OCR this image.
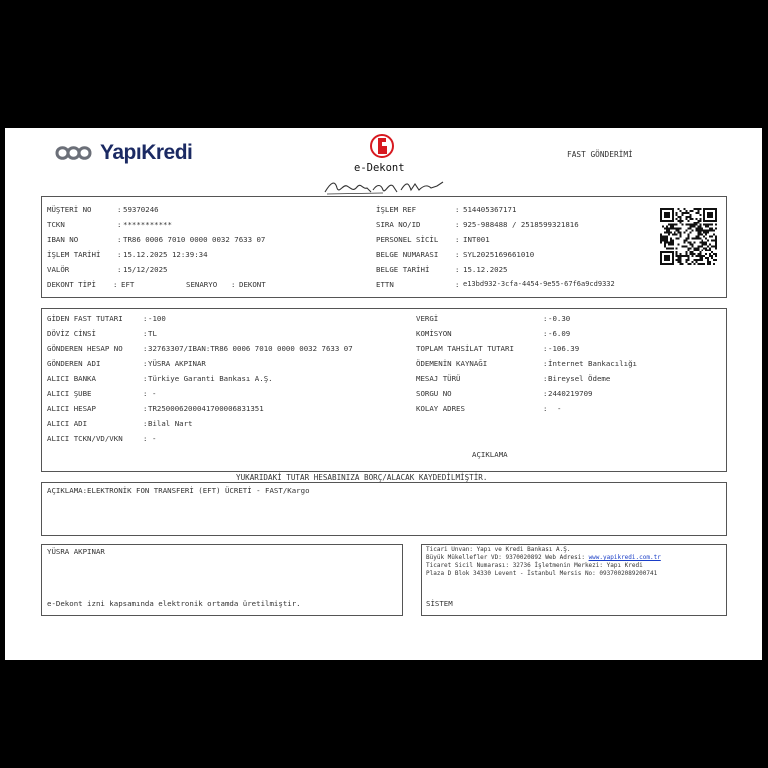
YapıKredi
e-Dekont
FAST GÖNDERİMİ
MÜŞTERİ NO	: 59370246
TCKN	: ***********
IBAN NO	: TR86 0006 7010 0000 0032 7633 07
İŞLEM TARİHİ : 15.12.2025 12:39:34
VALÖR	: 15/12/2025
DEKONT TİPİ : EFT	SENARYO : DEKONT
İŞLEM REF	: 514405367171
SIRA NO/ID	: 925-988488 / 2518599321816
PERSONEL SİCİL : INT001
BELGE NUMARASI : SYL2025169661010
BELGE TARİHİ	: 15.12.2025
ETTN	: e13bd932-3cfa-4454-9e55-67f6a9cd9332
GİDEN FAST TUTARI	: -100
DÖVİZ CİNSİ	: TL
GÖNDEREN HESAP NO	: 32763307/IBAN:TR86 0006 7010 0000 0032 7633 07
GÖNDEREN ADI	: YÜSRA AKPINAR
ALICI BANKA	: Türkiye Garanti Bankası A.Ş.
ALICI ŞUBE	: -
ALICI HESAP	: TR250006200041700006831351
ALICI ADI	: Bilal Nart
ALICI TCKN/VD/VKN	: -
VERGİ	: -0.30
KOMİSYON	: -6.09
TOPLAM TAHSİLAT TUTARI	: -106.39
ÖDEMENİN KAYNAĞI	: İnternet Bankacılığı
MESAJ TÜRÜ	: Bireysel Ödeme
SORGU NO	: 2440219709
KOLAY ADRES	: -
AÇIKLAMA
YUKARIDAKİ TUTAR HESABINIZA BORÇ/ALACAK KAYDEDİLMİŞTİR.
AÇIKLAMA:ELEKTRONİK FON TRANSFERİ (EFT) ÜCRETİ - FAST/Kargo
YÜSRA AKPINAR
e-Dekont izni kapsamında elektronik ortamda üretilmiştir.
Ticari Unvan: Yapı ve Kredi Bankası A.Ş.
Büyük Mükellefler VD: 9370020892 Web Adresi: www.yapikredi.com.tr
Ticaret Sicil Numarası: 32736 İşletmenin Merkezi: Yapı Kredi
Plaza D Blok 34330 Levent - İstanbul Mersis No: 0937002089200741
SİSTEM
